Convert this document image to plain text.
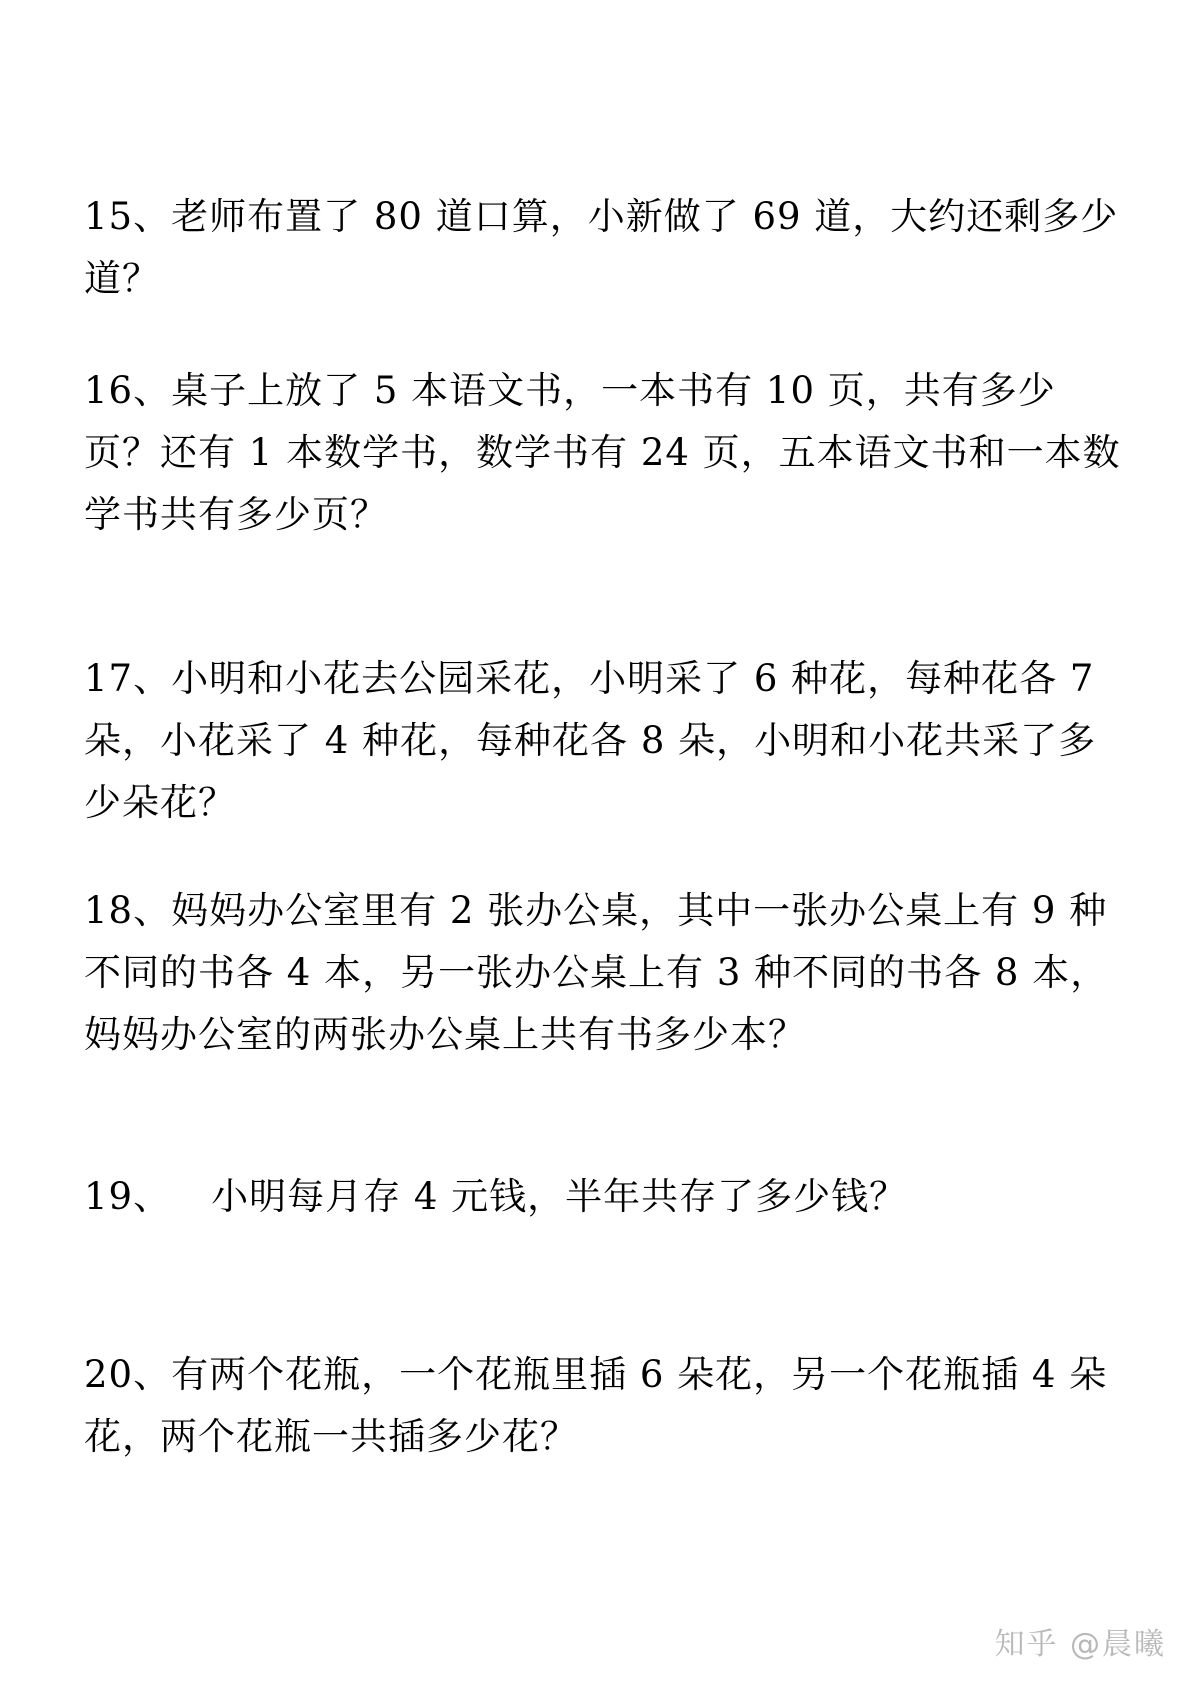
15、老师布置了 80 道口算，小新做了 69 道，大约还剩多少道？

16、桌子上放了 5 本语文书，一本书有 10 页，共有多少页？还有 1 本数学书，数学书有 24 页，五本语文书和一本数学书共有多少页？

17、小明和小花去公园采花，小明采了 6 种花，每种花各 7 朵，小花采了 4 种花，每种花各 8 朵，小明和小花共采了多少朵花？

18、妈妈办公室里有 2 张办公桌，其中一张办公桌上有 9 种不同的书各 4 本，另一张办公桌上有 3 种不同的书各 8 本，妈妈办公室的两张办公桌上共有书多少本？

19、 小明每月存 4 元钱，半年共存了多少钱？

20、有两个花瓶，一个花瓶里插 6 朵花，另一个花瓶插 4 朵花，两个花瓶一共插多少花？

知乎 @晨曦
